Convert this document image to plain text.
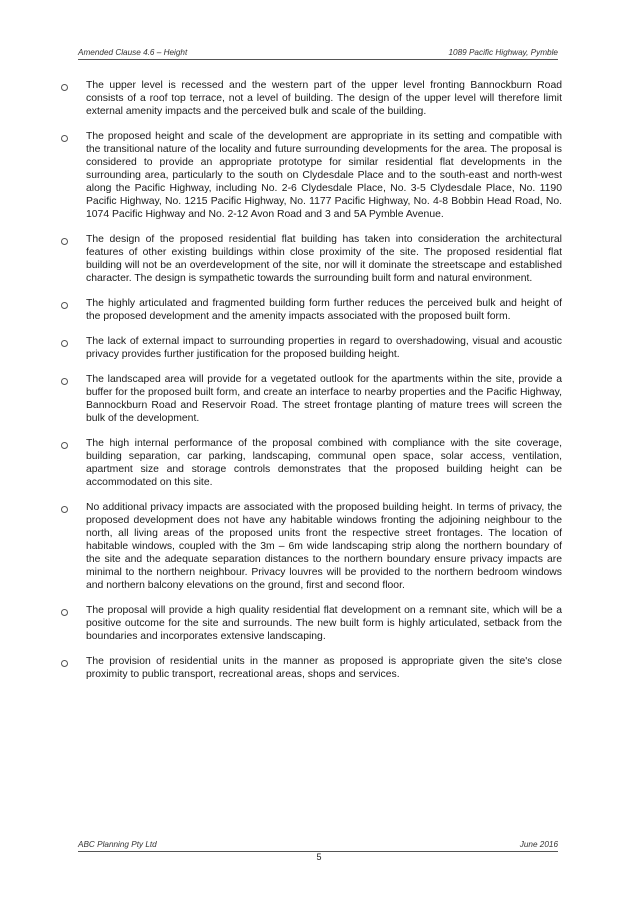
Amended Clause 4.6 – Height	1089 Pacific Highway, Pymble
The upper level is recessed and the western part of the upper level fronting Bannockburn Road consists of a roof top terrace, not a level of building. The design of the upper level will therefore limit external amenity impacts and the perceived bulk and scale of the building.
The proposed height and scale of the development are appropriate in its setting and compatible with the transitional nature of the locality and future surrounding developments for the area. The proposal is considered to provide an appropriate prototype for similar residential flat developments in the surrounding area, particularly to the south on Clydesdale Place and to the south-east and north-west along the Pacific Highway, including No. 2-6 Clydesdale Place, No. 3-5 Clydesdale Place, No. 1190 Pacific Highway, No. 1215 Pacific Highway, No. 1177 Pacific Highway, No. 4-8 Bobbin Head Road, No. 1074 Pacific Highway and No. 2-12 Avon Road and 3 and 5A Pymble Avenue.
The design of the proposed residential flat building has taken into consideration the architectural features of other existing buildings within close proximity of the site. The proposed residential flat building will not be an overdevelopment of the site, nor will it dominate the streetscape and established character. The design is sympathetic towards the surrounding built form and natural environment.
The highly articulated and fragmented building form further reduces the perceived bulk and height of the proposed development and the amenity impacts associated with the proposed built form.
The lack of external impact to surrounding properties in regard to overshadowing, visual and acoustic privacy provides further justification for the proposed building height.
The landscaped area will provide for a vegetated outlook for the apartments within the site, provide a buffer for the proposed built form, and create an interface to nearby properties and the Pacific Highway, Bannockburn Road and Reservoir Road. The street frontage planting of mature trees will screen the bulk of the development.
The high internal performance of the proposal combined with compliance with the site coverage, building separation, car parking, landscaping, communal open space, solar access, ventilation, apartment size and storage controls demonstrates that the proposed building height can be accommodated on this site.
No additional privacy impacts are associated with the proposed building height. In terms of privacy, the proposed development does not have any habitable windows fronting the adjoining neighbour to the north, all living areas of the proposed units front the respective street frontages. The location of habitable windows, coupled with the 3m – 6m wide landscaping strip along the northern boundary of the site and the adequate separation distances to the northern boundary ensure privacy impacts are minimal to the northern neighbour. Privacy louvres will be provided to the northern bedroom windows and northern balcony elevations on the ground, first and second floor.
The proposal will provide a high quality residential flat development on a remnant site, which will be a positive outcome for the site and surrounds. The new built form is highly articulated, setback from the boundaries and incorporates extensive landscaping.
The provision of residential units in the manner as proposed is appropriate given the site's close proximity to public transport, recreational areas, shops and services.
ABC Planning Pty Ltd	June 2016
5
